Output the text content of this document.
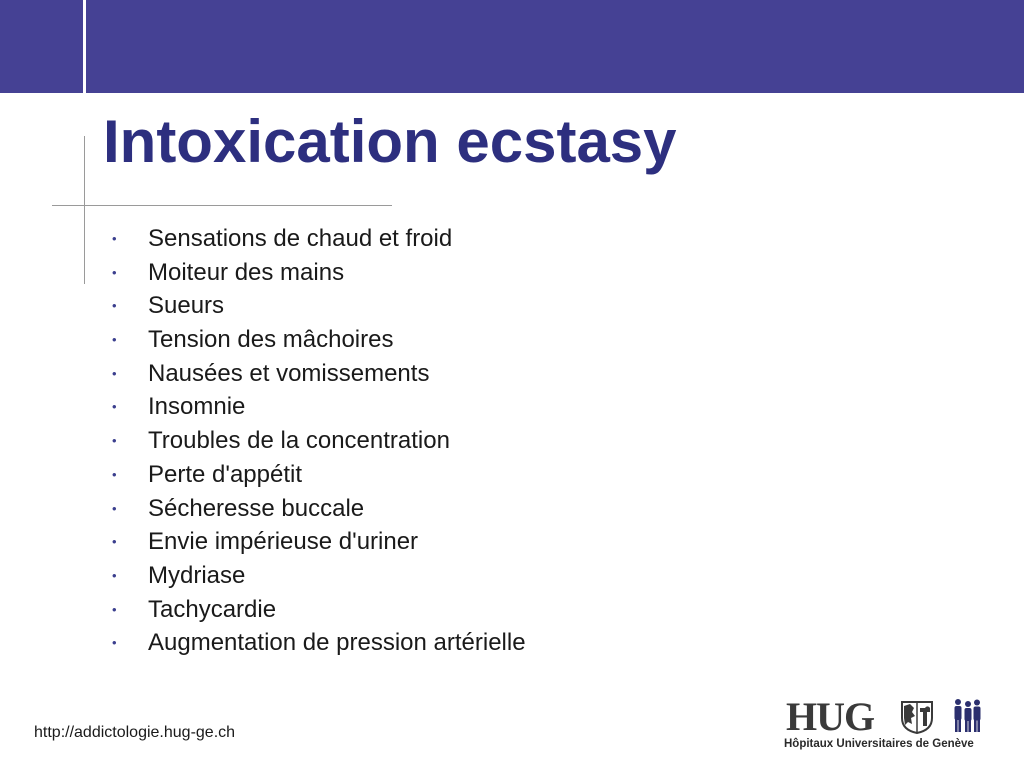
Intoxication ecstasy
•	Sensations de chaud et froid
•	Moiteur des mains
•	Sueurs
•	Tension des mâchoires
•	Nausées et vomissements
•	Insomnie
•	Troubles de la concentration
•	Perte d'appétit
•	Sécheresse buccale
•	Envie impérieuse d'uriner
•	Mydriase
•	Tachycardie
•	Augmentation de pression artérielle
http://addictologie.hug-ge.ch	HUG
Hôpitaux Universitaires de Genève
